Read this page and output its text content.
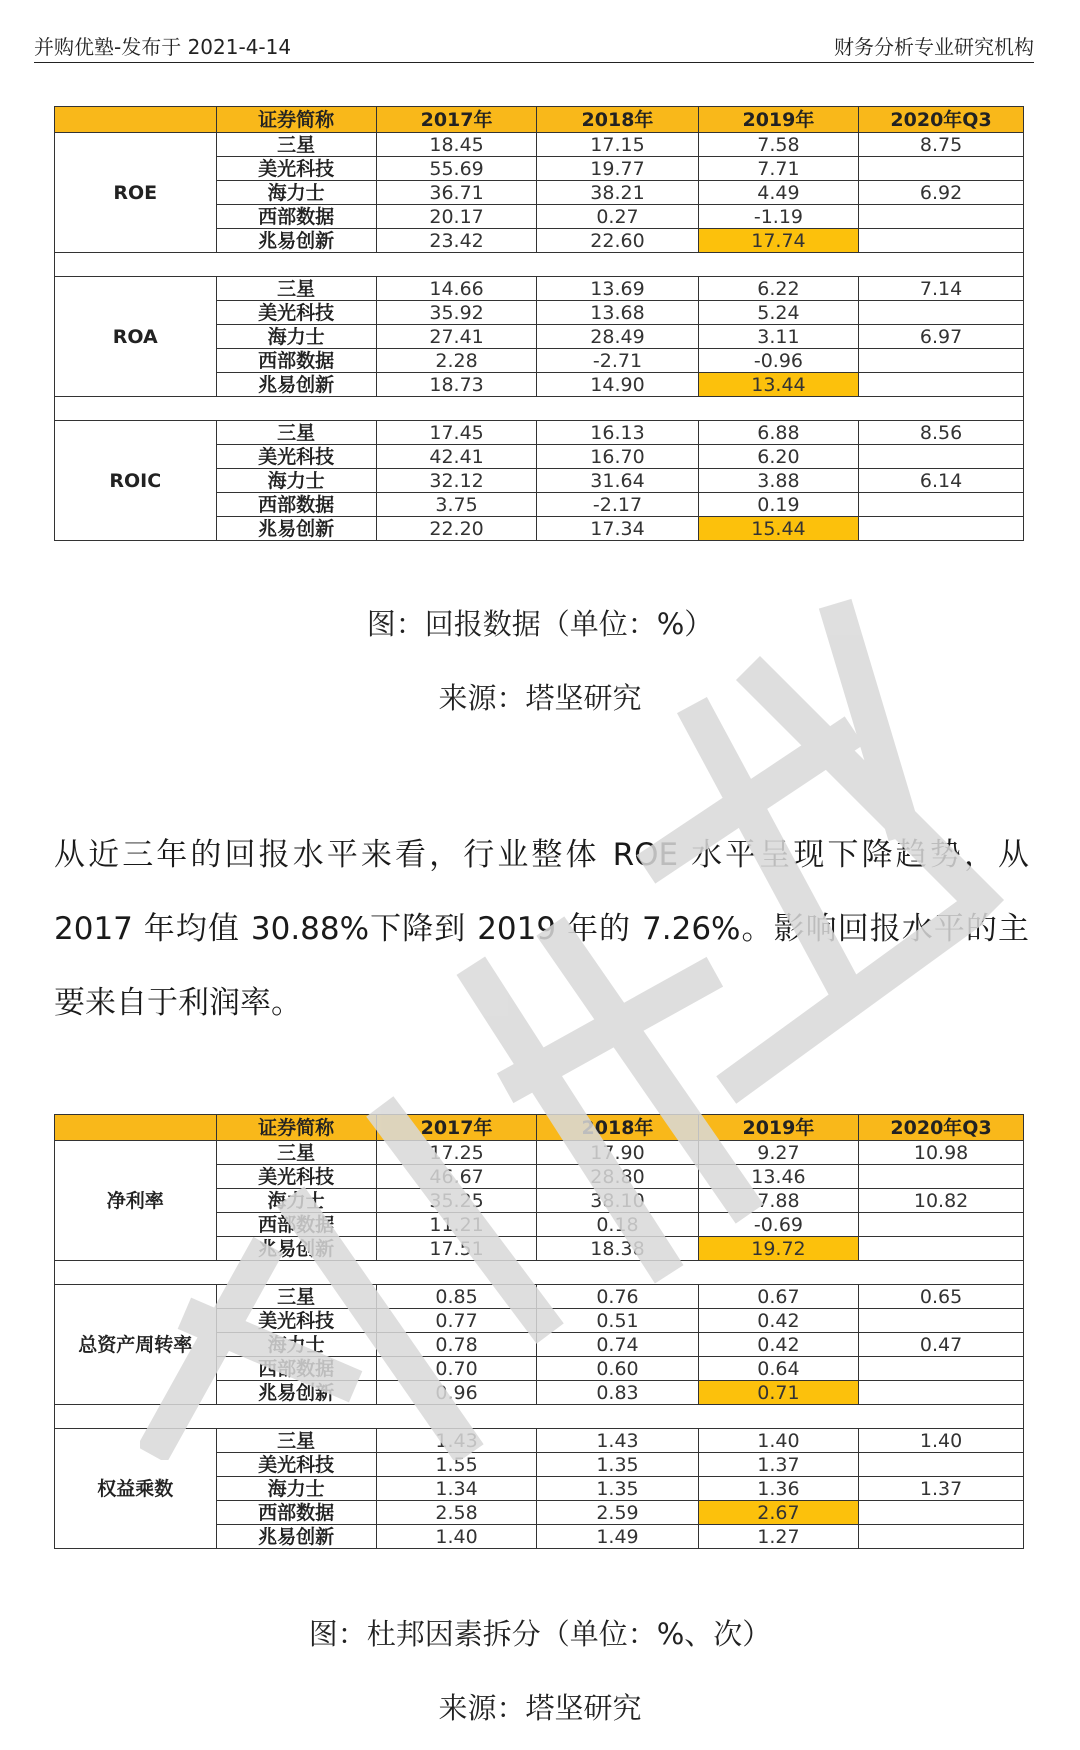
并购优塾-发布于 2021-4-14	财务分析专业研究机构
	证券简称	2017年	2018年	2019年	2020年Q3
ROE	三星	18.45	17.15	7.58	8.75
	美光科技	55.69	19.77	7.71	
	海力士	36.71	38.21	4.49	6.92
	西部数据	20.17	0.27	-1.19	
	兆易创新	23.42	22.60	17.74	

ROA	三星	14.66	13.69	6.22	7.14
	美光科技	35.92	13.68	5.24	
	海力士	27.41	28.49	3.11	6.97
	西部数据	2.28	-2.71	-0.96	
	兆易创新	18.73	14.90	13.44	

ROIC	三星	17.45	16.13	6.88	8.56
	美光科技	42.41	16.70	6.20	
	海力士	32.12	31.64	3.88	6.14
	西部数据	3.75	-2.17	0.19	
	兆易创新	22.20	17.34	15.44	
图：回报数据（单位：%）
来源：塔坚研究
从近三年的回报水平来看，行业整体 ROE 水平呈现下降趋势，从 2017 年均值 30.88%下降到 2019 年的 7.26%。影响回报水平的主要来自于利润率。
	证券简称	2017年	2018年	2019年	2020年Q3
净利率	三星	17.25	17.90	9.27	10.98
	美光科技	46.67	28.80	13.46	
	海力士	35.25	38.10	7.88	10.82
	西部数据	11.21	0.18	-0.69	
	兆易创新	17.51	18.38	19.72	

总资产周转率	三星	0.85	0.76	0.67	0.65
	美光科技	0.77	0.51	0.42	
	海力士	0.78	0.74	0.42	0.47
	西部数据	0.70	0.60	0.64	
	兆易创新	0.96	0.83	0.71	

权益乘数	三星	1.43	1.43	1.40	1.40
	美光科技	1.55	1.35	1.37	
	海力士	1.34	1.35	1.36	1.37
	西部数据	2.58	2.59	2.67	
	兆易创新	1.40	1.49	1.27	
图：杜邦因素拆分（单位：%、次）
来源：塔坚研究
